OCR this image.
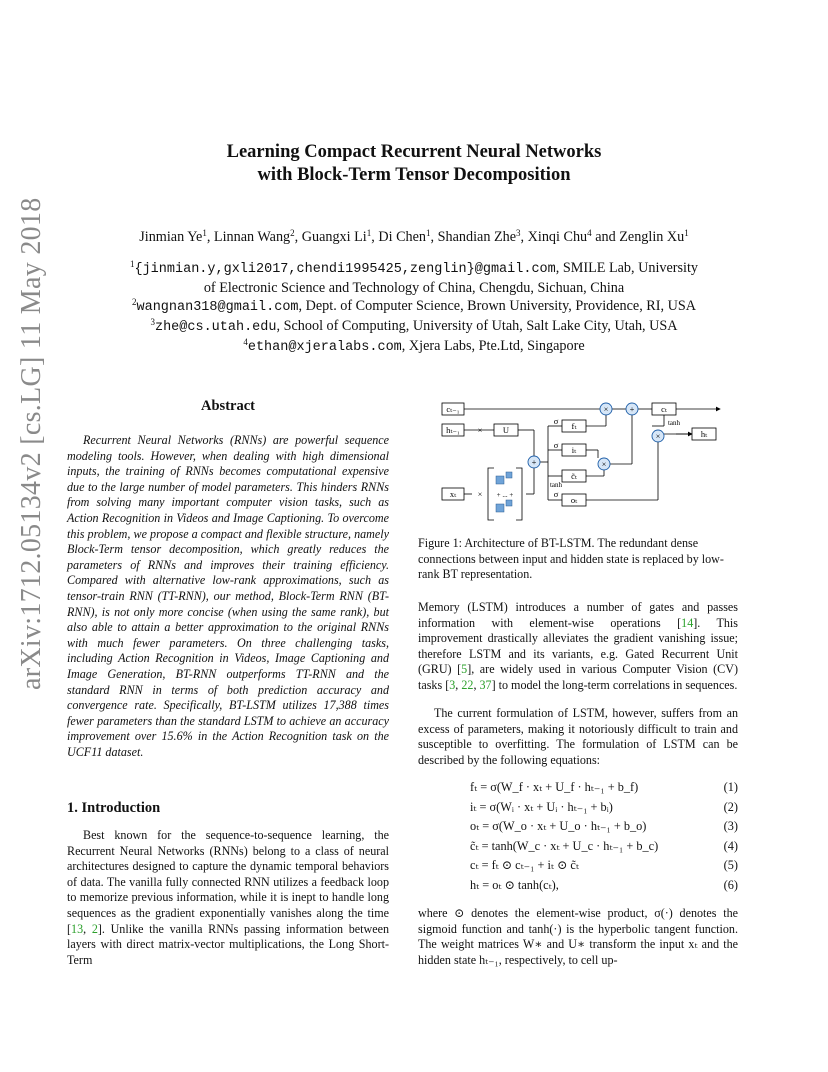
arXiv:1712.05134v2 [cs.LG] 11 May 2018
Learning Compact Recurrent Neural Networks
with Block-Term Tensor Decomposition
Jinmian Ye$^1$, Linnan Wang$^2$, Guangxi Li$^1$, Di Chen$^1$, Shandian Zhe$^3$, Xinqi Chu$^4$ and Zenglin Xu$^1$
$^1${jinmian.y,gxli2017,chendi1995425,zenglin}@gmail.com, SMILE Lab, University
of Electronic Science and Technology of China, Chengdu, Sichuan, China
$^2$wangnan318@gmail.com, Dept. of Computer Science, Brown University, Providence, RI, USA
$^3$zhe@cs.utah.edu, School of Computing, University of Utah, Salt Lake City, Utah, USA
$^4$ethan@xjeralabs.com, Xjera Labs, Pte.Ltd, Singapore
Abstract
Recurrent Neural Networks (RNNs) are powerful sequence modeling tools. However, when dealing with high dimensional inputs, the training of RNNs becomes computational expensive due to the large number of model parameters. This hinders RNNs from solving many important computer vision tasks, such as Action Recognition in Videos and Image Captioning. To overcome this problem, we propose a compact and flexible structure, namely Block-Term tensor decomposition, which greatly reduces the parameters of RNNs and improves their training efficiency. Compared with alternative low-rank approximations, such as tensor-train RNN (TT-RNN), our method, Block-Term RNN (BT-RNN), is not only more concise (when using the same rank), but also able to attain a better approximation to the original RNNs with much fewer parameters. On three challenging tasks, including Action Recognition in Videos, Image Captioning and Image Generation, BT-RNN outperforms TT-RNN and the standard RNN in terms of both prediction accuracy and convergence rate. Specifically, BT-LSTM utilizes 17,388 times fewer parameters than the standard LSTM to achieve an accuracy improvement over 15.6% in the Action Recognition task on the UCF11 dataset.
1. Introduction
Best known for the sequence-to-sequence learning, the Recurrent Neural Networks (RNNs) belong to a class of neural architectures designed to capture the dynamic temporal behaviors of data. The vanilla fully connected RNN utilizes a feedback loop to memorize previous information, while it is inept to handle long sequences as the gradient exponentially vanishes along the time [13, 2]. Unlike the vanilla RNNs passing information between layers with direct matrix-vector multiplications, the Long Short-Term
cₜ₋₁
hₜ₋₁	U
xₜ
×
× + ... +
fₜ
iₜ
c̃ₜ
oₜ
cₜ
hₜ
σ
σ
tanh
σ
tanh
× +
×
×
+
Figure 1: Architecture of BT-LSTM. The redundant dense connections between input and hidden state is replaced by low-rank BT representation.
Memory (LSTM) introduces a number of gates and passes information with element-wise operations [14]. This improvement drastically alleviates the gradient vanishing issue; therefore LSTM and its variants, e.g. Gated Recurrent Unit (GRU) [5], are widely used in various Computer Vision (CV) tasks [3, 22, 37] to model the long-term correlations in sequences.
The current formulation of LSTM, however, suffers from an excess of parameters, making it notoriously difficult to train and susceptible to overfitting. The formulation of LSTM can be described by the following equations:
fₜ = σ(W_f · xₜ + U_f · hₜ₋₁ + b_f)	(1)
iₜ = σ(Wᵢ · xₜ + Uᵢ · hₜ₋₁ + bᵢ)	(2)
oₜ = σ(W_o · xₜ + U_o · hₜ₋₁ + b_o)	(3)
c̃ₜ = tanh(W_c · xₜ + U_c · hₜ₋₁ + b_c)	(4)
cₜ = fₜ ⊙ cₜ₋₁ + iₜ ⊙ c̃ₜ	(5)
hₜ = oₜ ⊙ tanh(cₜ),	(6)
where ⊙ denotes the element-wise product, σ(·) denotes the sigmoid function and tanh(·) is the hyperbolic tangent function. The weight matrices W∗ and U∗ transform the input xₜ and the hidden state hₜ₋₁, respectively, to cell up-
